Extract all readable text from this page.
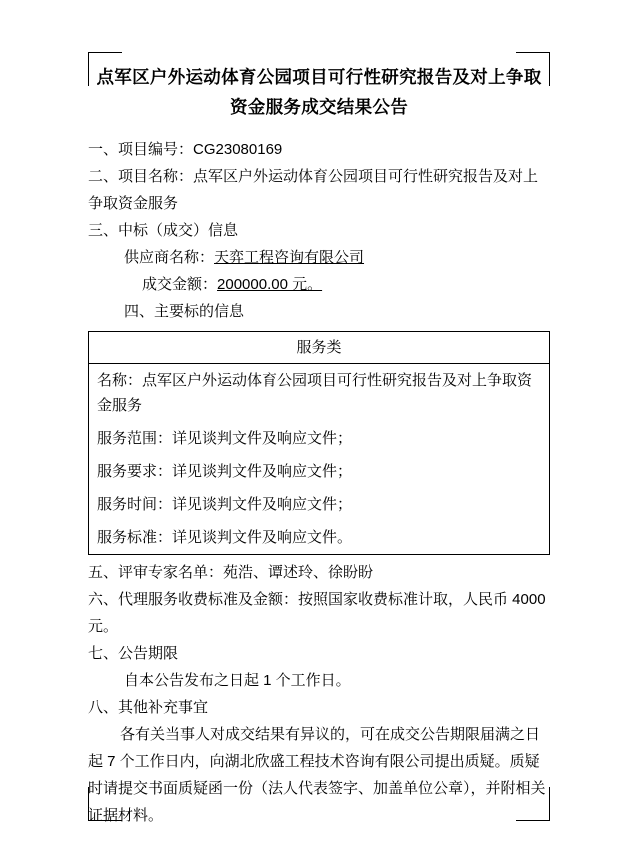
点军区户外运动体育公园项目可行性研究报告及对上争取
资金服务成交结果公告

一、项目编号：CG23080169

二、项目名称：点军区户外运动体育公园项目可行性研究报告及对上争取资金服务

三、中标（成交）信息

供应商名称：天弈工程咨询有限公司

成交金额：200000.00 元。

四、主要标的信息

服务类
名称：点军区户外运动体育公园项目可行性研究报告及对上争取资金服务
服务范围：详见谈判文件及响应文件；
服务要求：详见谈判文件及响应文件；
服务时间：详见谈判文件及响应文件；
服务标准：详见谈判文件及响应文件。

五、评审专家名单：苑浩、谭述玲、徐盼盼

六、代理服务收费标准及金额：按照国家收费标准计取，人民币 4000 元。

七、公告期限

自本公告发布之日起 1 个工作日。

八、其他补充事宜

各有关当事人对成交结果有异议的，可在成交公告期限届满之日起 7 个工作日内，向湖北欣盛工程技术咨询有限公司提出质疑。质疑时请提交书面质疑函一份（法人代表签字、加盖单位公章），并附相关证据材料。
